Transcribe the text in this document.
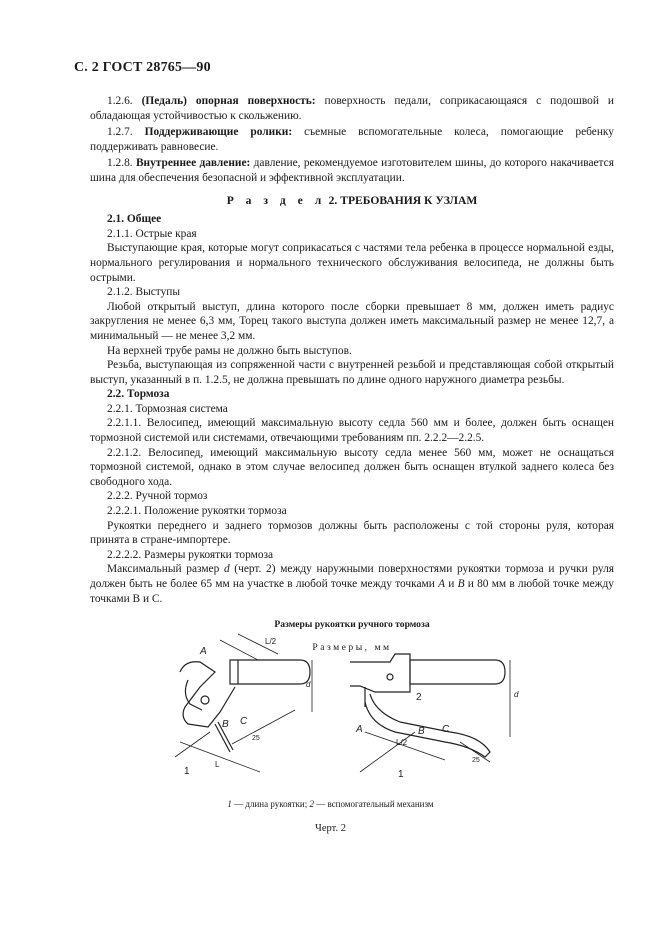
С. 2 ГОСТ 28765—90

1.2.6. (Педаль) опорная поверхность: поверхность педали, соприкасающаяся с подошвой и обладающая устойчивостью к скольжению.

1.2.7. Поддерживающие ролики: съемные вспомогательные колеса, помогающие ребенку поддерживать равновесие.

1.2.8. Внутреннее давление: давление, рекомендуемое изготовителем шины, до которого накачивается шина для обеспечения безопасной и эффективной эксплуатации.

Р а з д е л 2. ТРЕБОВАНИЯ К УЗЛАМ

2.1. Общее

2.1.1. Острые края

Выступающие края, которые могут соприкасаться с частями тела ребенка в процессе нормальной езды, нормального регулирования и нормального технического обслуживания велосипеда, не должны быть острыми.

2.1.2. Выступы

Любой открытый выступ, длина которого после сборки превышает 8 мм, должен иметь радиус закругления не менее 6,3 мм, Торец такого выступа должен иметь максимальный размер не менее 12,7, а минимальный — не менее 3,2 мм.

На верхней трубе рамы не должно быть выступов.

Резьба, выступающая из сопряженной части с внутренней резьбой и представляющая собой открытый выступ, указанный в п. 1.2.5, не должна превышать по длине одного наружного диаметра резьбы.

2.2. Тормоза

2.2.1. Тормозная система

2.2.1.1. Велосипед, имеющий максимальную высоту седла 560 мм и более, должен быть оснащен тормозной системой или системами, отвечающими требованиям пп. 2.2.2—2.2.5.

2.2.1.2. Велосипед, имеющий максимальную высоту седла менее 560 мм, может не оснащаться тормозной системой, однако в этом случае велосипед должен быть оснащен втулкой заднего колеса без свободного хода.

2.2.2. Ручной тормоз

2.2.2.1. Положение рукоятки тормоза

Рукоятки переднего и заднего тормозов должны быть расположены с той стороны руля, которая принята в стране-импортере.

2.2.2.2. Размеры рукоятки тормоза

Максимальный размер d (черт. 2) между наружными поверхностями рукоятки тормоза и ручки руля должен быть не более 65 мм на участке в любой точке между точками A и B и 80 мм в любой точке между точками В и С.

Размеры рукоятки ручного тормоза

Размеры, мм

A
B C
1
L/2
d
25
L
A	B C
2
1
L/2
d
25
1 — длина рукоятки; 2 — вспомогательный механизм
Черт. 2
